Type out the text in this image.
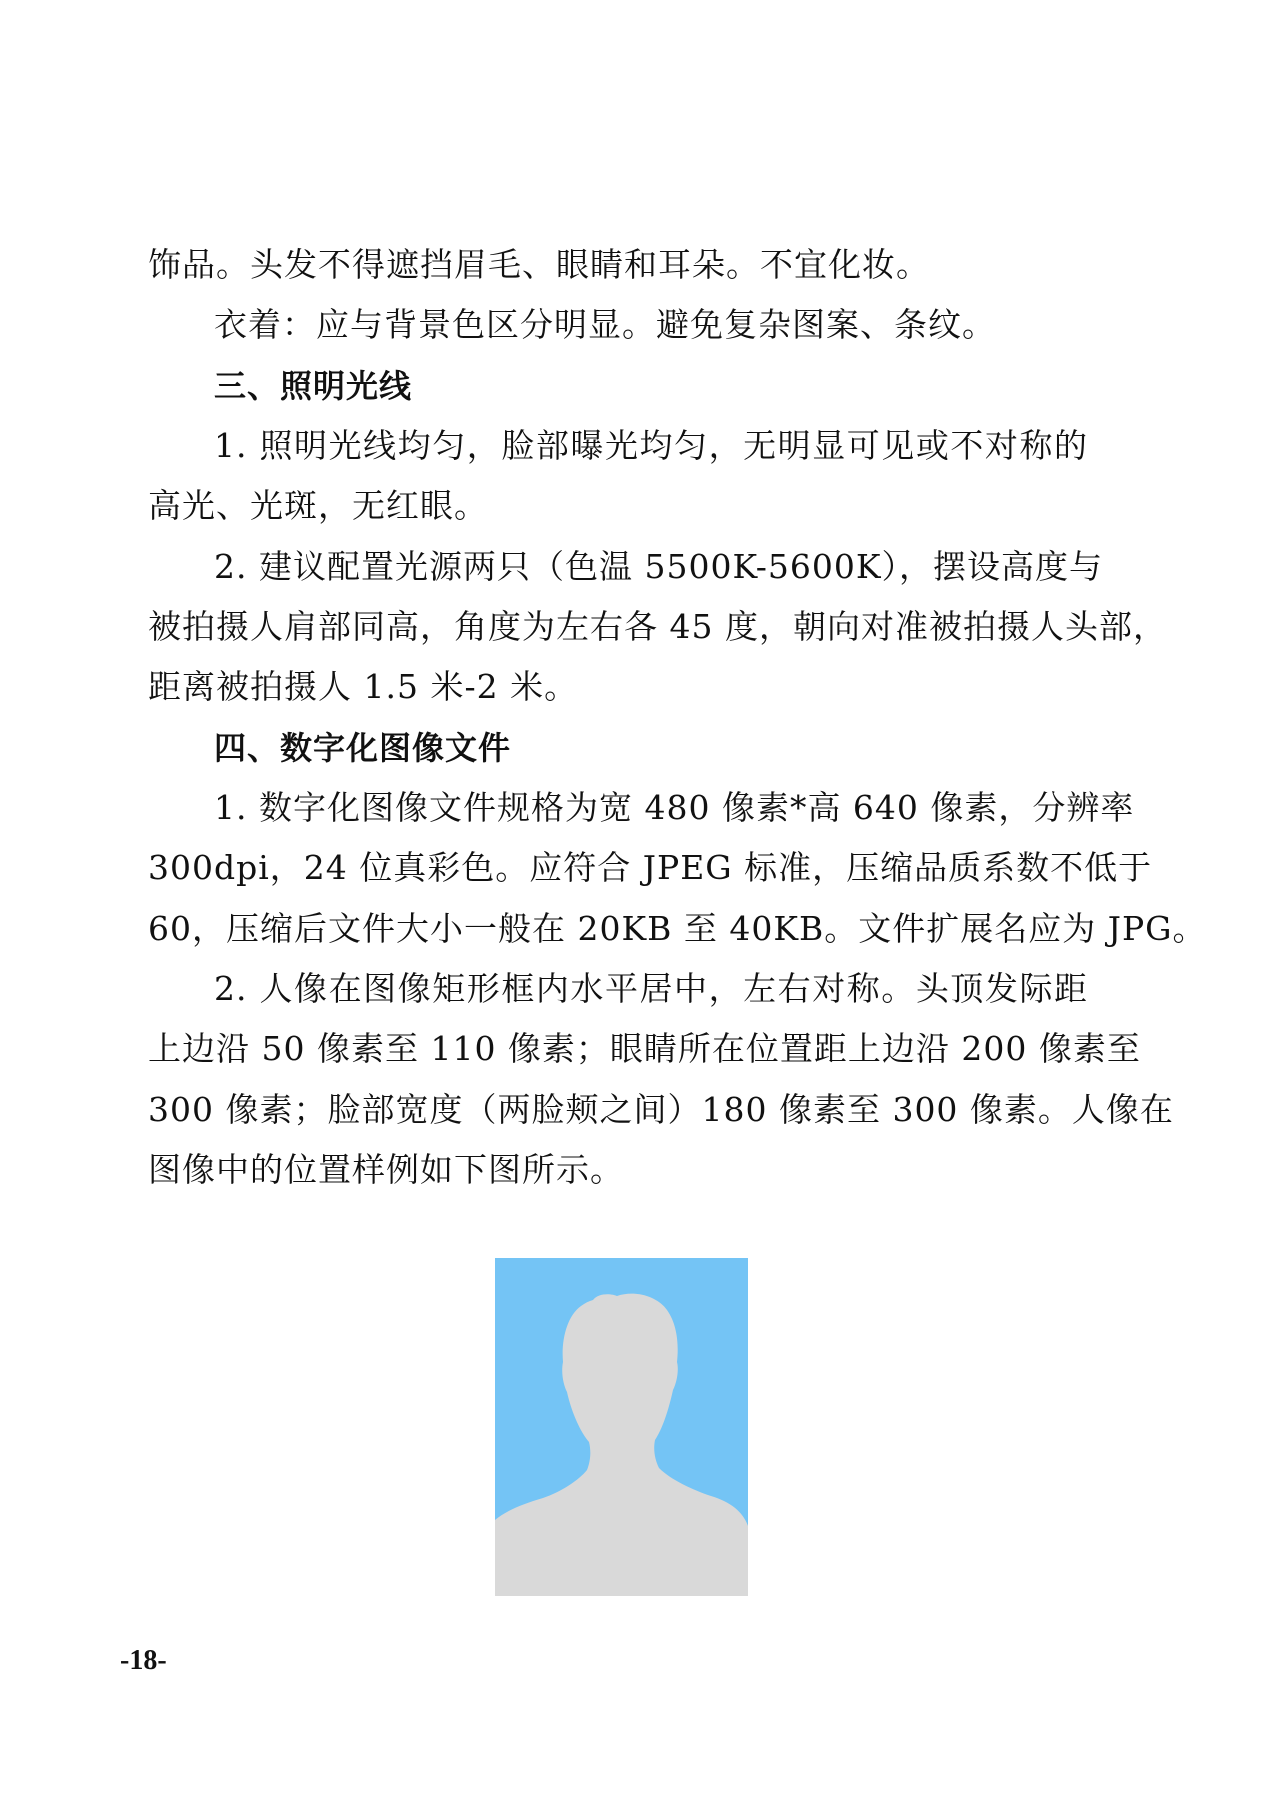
饰品。头发不得遮挡眉毛、眼睛和耳朵。不宜化妆。
衣着：应与背景色区分明显。避免复杂图案、条纹。
三、照明光线
1. 照明光线均匀，脸部曝光均匀，无明显可见或不对称的
高光、光斑，无红眼。
2. 建议配置光源两只（色温 5500K-5600K），摆设高度与
被拍摄人肩部同高，角度为左右各 45 度，朝向对准被拍摄人头部，
距离被拍摄人 1.5 米-2 米。
四、数字化图像文件
1. 数字化图像文件规格为宽 480 像素*高 640 像素，分辨率
300dpi，24 位真彩色。应符合 JPEG 标准，压缩品质系数不低于
60，压缩后文件大小一般在 20KB 至 40KB。文件扩展名应为 JPG。
2. 人像在图像矩形框内水平居中，左右对称。头顶发际距
上边沿 50 像素至 110 像素；眼睛所在位置距上边沿 200 像素至
300 像素；脸部宽度（两脸颊之间）180 像素至 300 像素。人像在
图像中的位置样例如下图所示。
-18-
